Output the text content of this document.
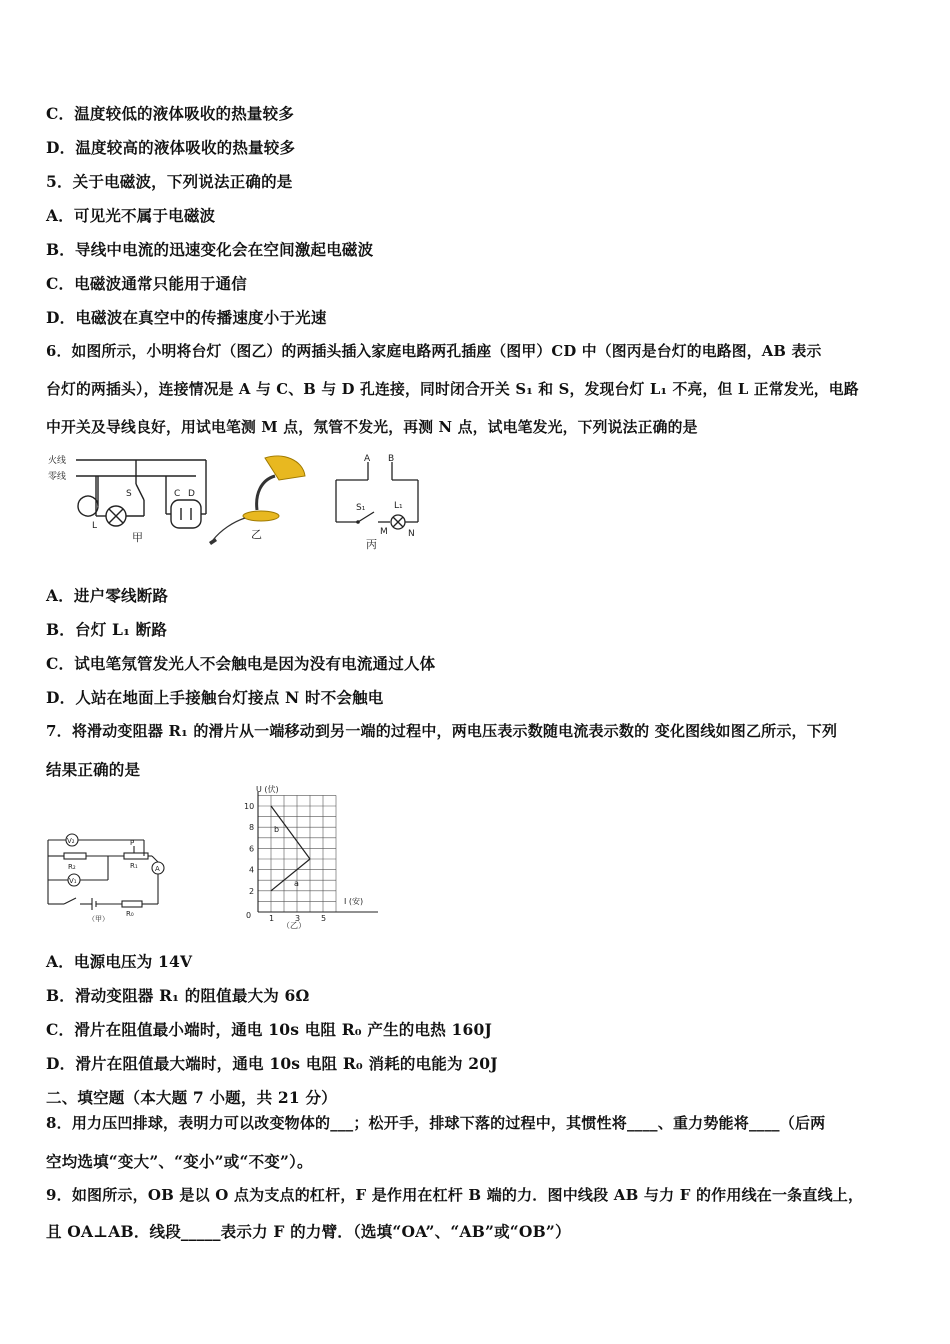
C．温度较低的液体吸收的热量较多
D．温度较高的液体吸收的热量较多
5．关于电磁波，下列说法正确的是
A．可见光不属于电磁波
B．导线中电流的迅速变化会在空间激起电磁波
C．电磁波通常只能用于通信
D．电磁波在真空中的传播速度小于光速
6．如图所示，小明将台灯（图乙）的两插头插入家庭电路两孔插座（图甲）CD 中（图丙是台灯的电路图，AB 表示
台灯的两插头），连接情况是 A 与 C、B 与 D 孔连接，同时闭合开关 S₁ 和 S，发现台灯 L₁ 不亮，但 L 正常发光，电路
中开关及导线良好，用试电笔测 M 点，氖管不发光，再测 N 点，试电笔发光，下列说法正确的是
火线
零线
S
L
C D
甲	乙
A B
S₁	L₁
M N
丙
A．进户零线断路
B．台灯 L₁ 断路
C．试电笔氖管发光人不会触电是因为没有电流通过人体
D．人站在地面上手接触台灯接点 N 时不会触电
7．将滑动变阻器 R₁ 的滑片从一端移动到另一端的过程中，两电压表示数随电流表示数的 变化图线如图乙所示，下列
结果正确的是
V₂
R₂
P
R₁ A
V₁
R₀
（甲）	1	3	5
2
4
6
8
10
U (伏)
I (安)
0
a
b
（乙）
A．电源电压为 14V
B．滑动变阻器 R₁ 的阻值最大为 6Ω
C．滑片在阻值最小端时，通电 10s 电阻 R₀ 产生的电热 160J
D．滑片在阻值最大端时，通电 10s 电阻 R₀ 消耗的电能为 20J
二、填空题（本大题 7 小题，共 21 分）
8．用力压凹排球，表明力可以改变物体的___；松开手，排球下落的过程中，其惯性将____、重力势能将____（后两
空均选填“变大”、“变小”或“不变”）。
9．如图所示，OB 是以 O 点为支点的杠杆，F 是作用在杠杆 B 端的力．图中线段 AB 与力 F 的作用线在一条直线上，
且 OA⊥AB．线段_____表示力 F 的力臂．（选填“OA”、“AB”或“OB”）
